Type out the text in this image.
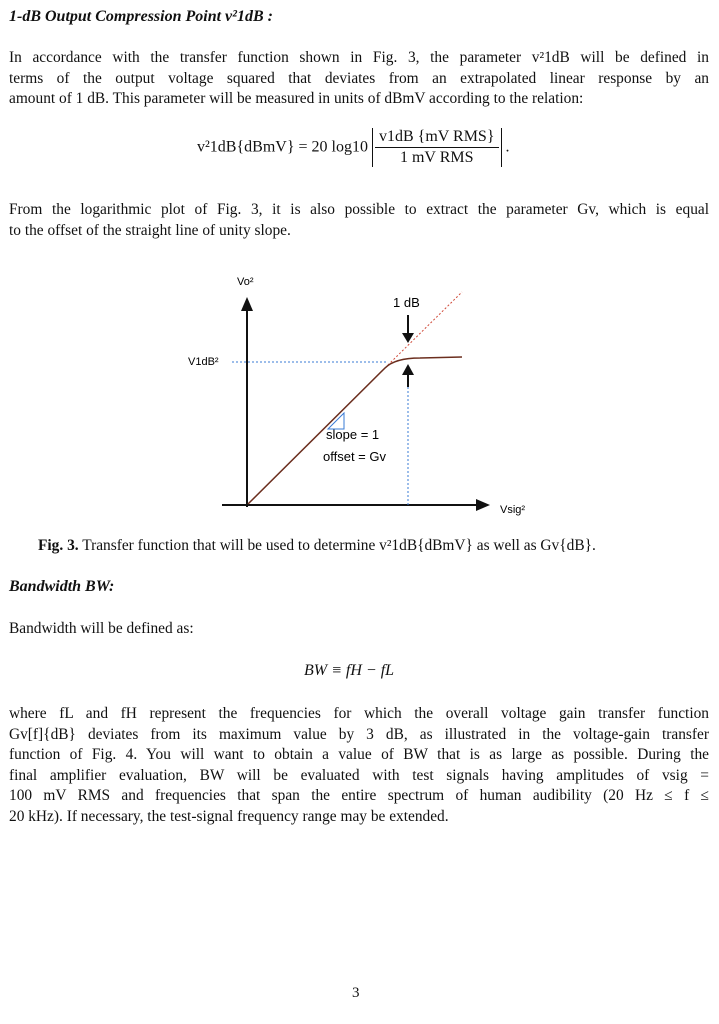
1-dB Output Compression Point v²1dB :

In accordance with the transfer function shown in Fig. 3, the parameter v²1dB will be defined in
terms of the output voltage squared that deviates from an extrapolated linear response by an
amount of 1 dB. This parameter will be measured in units of dBmV according to the relation:

v²1dB{dBmV} = 20 $\log 10 \frac{\text{v1dB \{mV RMS\}}}{\text{1 mV RMS}}$ .

From the logarithmic plot of Fig. 3, it is also possible to extract the parameter Gv, which is equal
to the offset of the straight line of unity slope.

Vo²
Vsig²
V1dB²
1 dB
slope = 1
offset = Gv
Fig. 3. Transfer function that will be used to determine v²1dB{dBmV} as well as Gv{dB}.
Bandwidth BW:
Bandwidth will be defined as:
BW ≡ fH − fL

where fL and fH represent the frequencies for which the overall voltage gain transfer function
Gv[f]{dB} deviates from its maximum value by 3 dB, as illustrated in the voltage-gain transfer
function of Fig. 4. You will want to obtain a value of BW that is as large as possible. During the
final amplifier evaluation, BW will be evaluated with test signals having amplitudes of vsig =
100 mV RMS and frequencies that span the entire spectrum of human audibility (20 Hz ≤ f ≤
20 kHz). If necessary, the test-signal frequency range may be extended.

3
